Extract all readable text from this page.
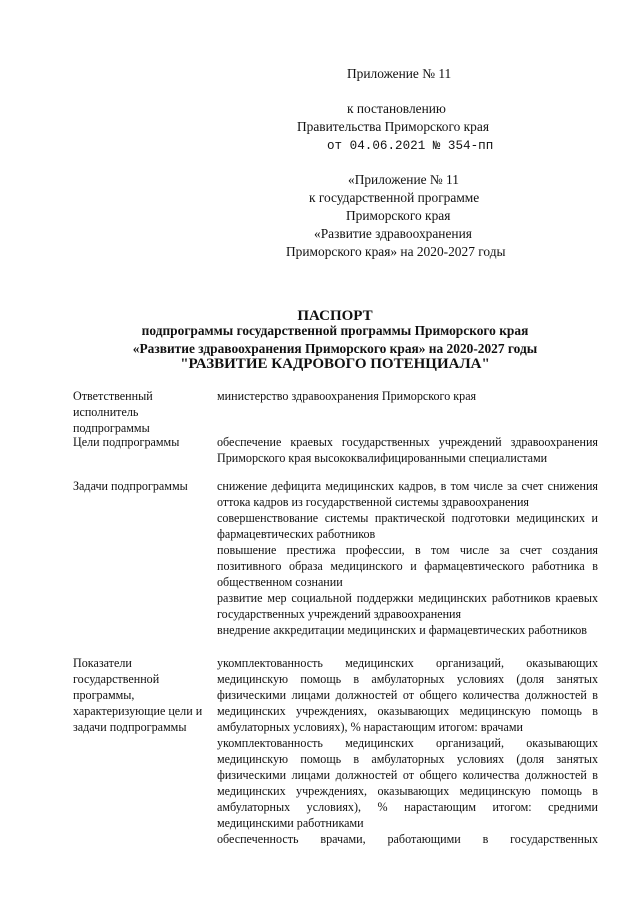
Приложение № 11
к постановлению
Правительства Приморского края
от 04.06.2021 № 354-пп
«Приложение № 11
к государственной программе
Приморского края
«Развитие здравоохранения
Приморского края» на 2020-2027 годы
ПАСПОРТ
подпрограммы государственной программы Приморского края
«Развитие здравоохранения Приморского края» на 2020-2027 годы
"РАЗВИТИЕ КАДРОВОГО ПОТЕНЦИАЛА"
Ответственный
исполнитель
подпрограммы

министерство здравоохранения Приморского края

Цели подпрограммы	обеспечение краевых государственных учреждений здравоохранения Приморского края высококвалифицированными специалистами

Задачи подпрограммы	снижение дефицита медицинских кадров, в том числе за счет снижения оттока кадров из государственной системы здравоохранения

совершенствование системы практической подготовки медицинских и фармацевтических работников

повышение престижа профессии, в том числе за счет создания позитивного образа медицинского и фармацевтического работника в общественном сознании

развитие мер социальной поддержки медицинских работников краевых государственных учреждений здравоохранения

внедрение аккредитации медицинских и фармацевтических работников

Показатели
государственной
программы,
характеризующие цели и
задачи подпрограммы

укомплектованность медицинских организаций, оказывающих медицинскую помощь в амбулаторных условиях (доля занятых физическими лицами должностей от общего количества должностей в медицинских учреждениях, оказывающих медицинскую помощь в амбулаторных условиях), % нарастающим итогом: врачами

укомплектованность медицинских организаций, оказывающих медицинскую помощь в амбулаторных условиях (доля занятых физическими лицами должностей от общего количества должностей в медицинских учреждениях, оказывающих медицинскую помощь в амбулаторных условиях), % нарастающим итогом: средними медицинскими работниками

обеспеченность врачами, работающими в государственных
